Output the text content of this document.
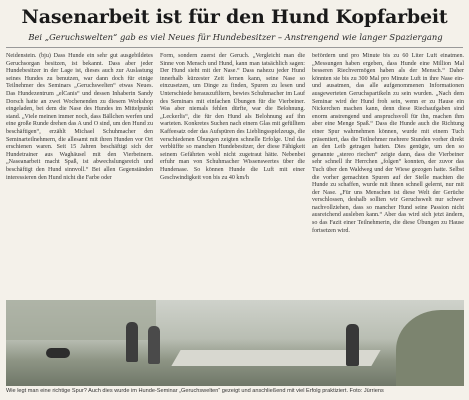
Nasenarbeit ist für den Hund Kopfarbeit
Bei „Geruchswelten“ gab es viel Neues für Hundebesitzer – Anstrengend wie langer Spaziergang

Neidenstein. (bju) Dass Hunde ein sehr gut ausgebildetes Geruchsorgan besitzen, ist bekannt. Dass aber jeder Hundebesitzer in der Lage ist, dieses auch zur Auslastung seines Hundes zu benutzen, war dann doch für einige Teilnehmer des Seminars „Geruchswelten“ etwas Neues. Das Hundezentrum „elCanis“ und dessen Inhaberin Sandy Dorsch hatte an zwei Wochenenden zu diesem Workshop eingeladen, bei dem die Nase des Hundes im Mittelpunkt stand. „Viele meinen immer noch, dass Bällchen werfen und eine große Runde drehen das A und O sind, um den Hund zu beschäftigen“, erzählt Michael Schuhmacher den Seminarteilnehmern, die allesamt mit ihren Hunden vor Ort erschienen waren. Seit 15 Jahren beschäftigt sich der Hundetrainer aus Waghäusel mit den Vierbeinern. „Naseanarbeit macht Spaß, ist abwechslungsreich und beschäftigt den Hund sinnvoll.“ Bei allen Gegenständen interessieren den Hund nicht die Farbe oder

Form, sondern zuerst der Geruch. „Vergleicht man die Sinne von Mensch und Hund, kann man tatsächlich sagen: Der Hund sieht mit der Nase.“ Dass nahezu jeder Hund innerhalb kürzester Zeit lernen kann, seine Nase so einzusetzen, um Dinge zu finden, Spuren zu lesen und Unterschiede herauszufiltern, bewies Schuhmacher im Lauf des Seminars mit einfachen Übungen für die Vierbeiner. Was aber niemals fehlen dürfte, war die Belohnung. „Leckerlis“, die für den Hund als Belohnung auf ihn warteten. Konkretes Suchen nach einem Glas mit gefülltem Kaffeesatz oder das Aufspüren des Lieblingsspielzeugs, die verschiedenen Übungen zeigten schnelle Erfolge. Und das verblüffte so manchen Hundebesitzer, der diese Fähigkeit seinem Gefährten wohl nicht zugetraut hätte. Nebenbei erfuhr man von Schuhmacher Wissenswertes über die Hundenase. So können Hunde die Luft mit einer Geschwindigkeit von bis zu 40 km/h

befördern und pro Minute bis zu 60 Liter Luft einatmen. „Messungen haben ergeben, dass Hunde eine Million Mal besseren Riechvermögen haben als der Mensch.“ Daher könnten sie bis zu 300 Mal pro Minute Luft in ihre Nase ein- und ausatmen, das alle aufgenommenen Informationen ausgewerteten Geruchspartikeln zu sein wurden. „Nach dem Seminar wird der Hund froh sein, wenn er zu Hause ein Nickerchen machen kann, denn diese Riechaufgaben sind enorm anstrengend und anspruchsvoll für ihn, machen ihm aber eine Menge Spaß.“ Dass die Hunde auch die Richtung einer Spur wahrnehmen können, wurde mit einem Tuch präsentiert, das die Teilnehmer mehrere Stunden vorher direkt an den Leib getragen hatten. Dies genügte, um den so genannte „stereo riechen“ zeigte dann, dass die Vierbeiner sehr schnell ihr Herrchen „folgen“ konnten, der zuvor das Tuch über den Waldweg und der Wiese gezogen hatte. Selbst die vorher gemachten Spuren auf der Stelle machten die Hunde zu schaffen, wurde mit ihnen schnell gelernt, nur mit der Nase. „Für uns Menschen ist diese Welt der Gerüche verschlossen, deshalb sollten wir Geruchswelt nur schwer nachvollziehen, dass so mancher Hund seine Passion nicht ausreichend ausleben kann.“ Aber das wird sich jetzt ändern, so das Fazit einer Teilnehmerin, die diese Übungen zu Hause fortsetzen wird.

Wie legt man eine richtige Spur? Auch dies wurde im Hunde-Seminar „Geruchswelten“ gezeigt und anschließend mit viel Erfolg praktiziert. Foto: Jürriens
